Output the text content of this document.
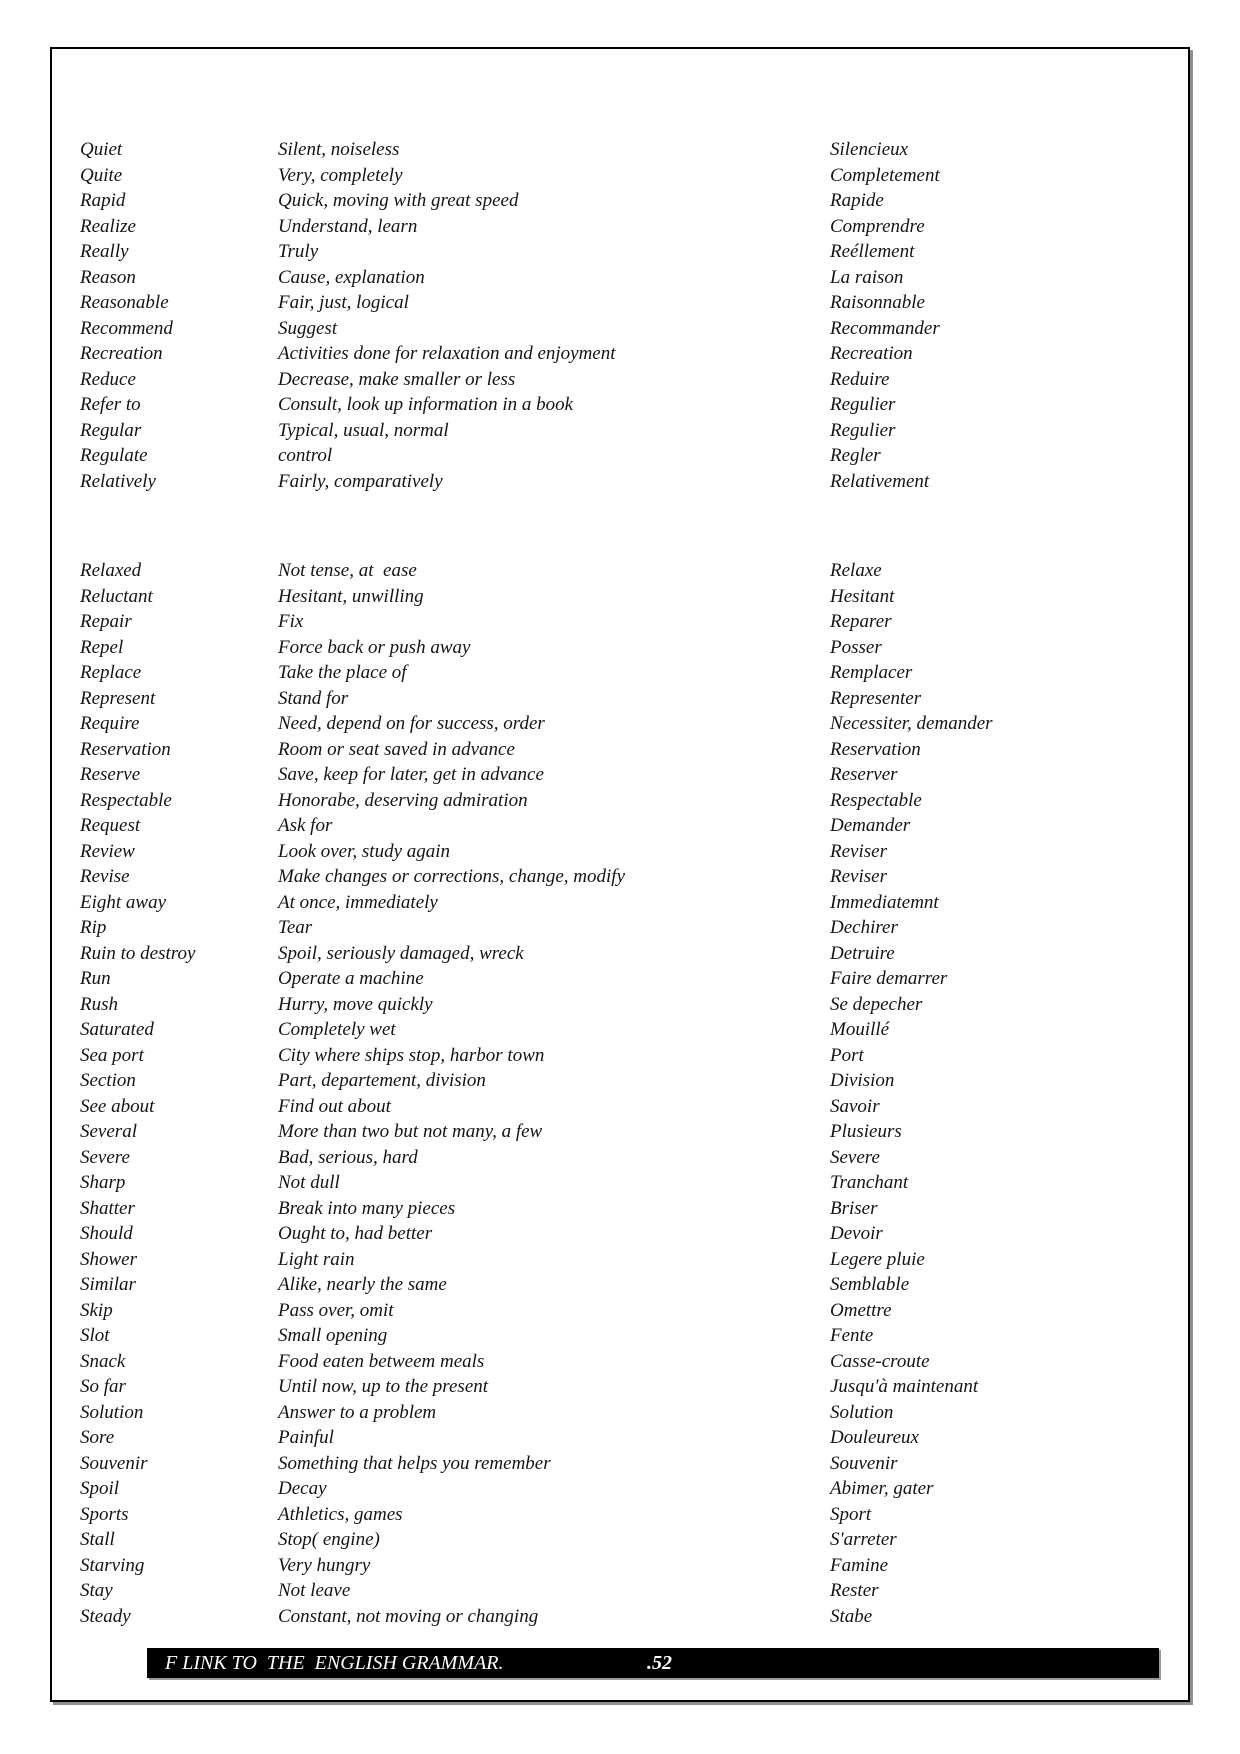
Quiet	Silent, noiseless	Silencieux
Quite	Very, completely	Completement
Rapid	Quick, moving with great speed	Rapide
Realize	Understand, learn	Comprendre
Really	Truly	Reéllement
Reason	Cause, explanation	La raison
Reasonable	Fair, just, logical	Raisonnable
Recommend	Suggest	Recommander
Recreation	Activities done for relaxation and enjoyment	Recreation
Reduce	Decrease, make smaller or less	Reduire
Refer to	Consult, look up information in a book	Regulier
Regular	Typical, usual, normal	Regulier
Regulate	control	Regler
Relatively	Fairly, comparatively	Relativement
Relaxed	Not tense, at  ease	Relaxe
Reluctant	Hesitant, unwilling	Hesitant
Repair	Fix	Reparer
Repel	Force back or push away	Posser
Replace	Take the place of	Remplacer
Represent	Stand for	Representer
Require	Need, depend on for success, order	Necessiter, demander
Reservation	Room or seat saved in advance	Reservation
Reserve	Save, keep for later, get in advance	Reserver
Respectable	Honorabe, deserving admiration	Respectable
Request	Ask for	Demander
Review	Look over, study again	Reviser
Revise	Make changes or corrections, change, modify	Reviser
Eight away	At once, immediately	Immediatemnt
Rip	Tear	Dechirer
Ruin to destroy	Spoil, seriously damaged, wreck	Detruire
Run	Operate a machine	Faire demarrer
Rush	Hurry, move quickly	Se depecher
Saturated	Completely wet	Mouillé
Sea port	City where ships stop, harbor town	Port
Section	Part, departement, division	Division
See about	Find out about	Savoir
Several	More than two but not many, a few	Plusieurs
Severe	Bad, serious, hard	Severe
Sharp	Not dull	Tranchant
Shatter	Break into many pieces	Briser
Should	Ought to, had better	Devoir
Shower	Light rain	Legere pluie
Similar	Alike, nearly the same	Semblable
Skip	Pass over, omit	Omettre
Slot	Small opening	Fente
Snack	Food eaten betweem meals	Casse-croute
So far	Until now, up to the present	Jusqu'à maintenant
Solution	Answer to a problem	Solution
Sore	Painful	Douleureux
Souvenir	Something that helps you remember	Souvenir
Spoil	Decay	Abimer, gater
Sports	Athletics, games	Sport
Stall	Stop( engine)	S'arreter
Starving	Very hungry	Famine
Stay	Not leave	Rester
Steady	Constant, not moving or changing	Stabe
F LINK TO  THE  ENGLISH GRAMMAR.	.52
